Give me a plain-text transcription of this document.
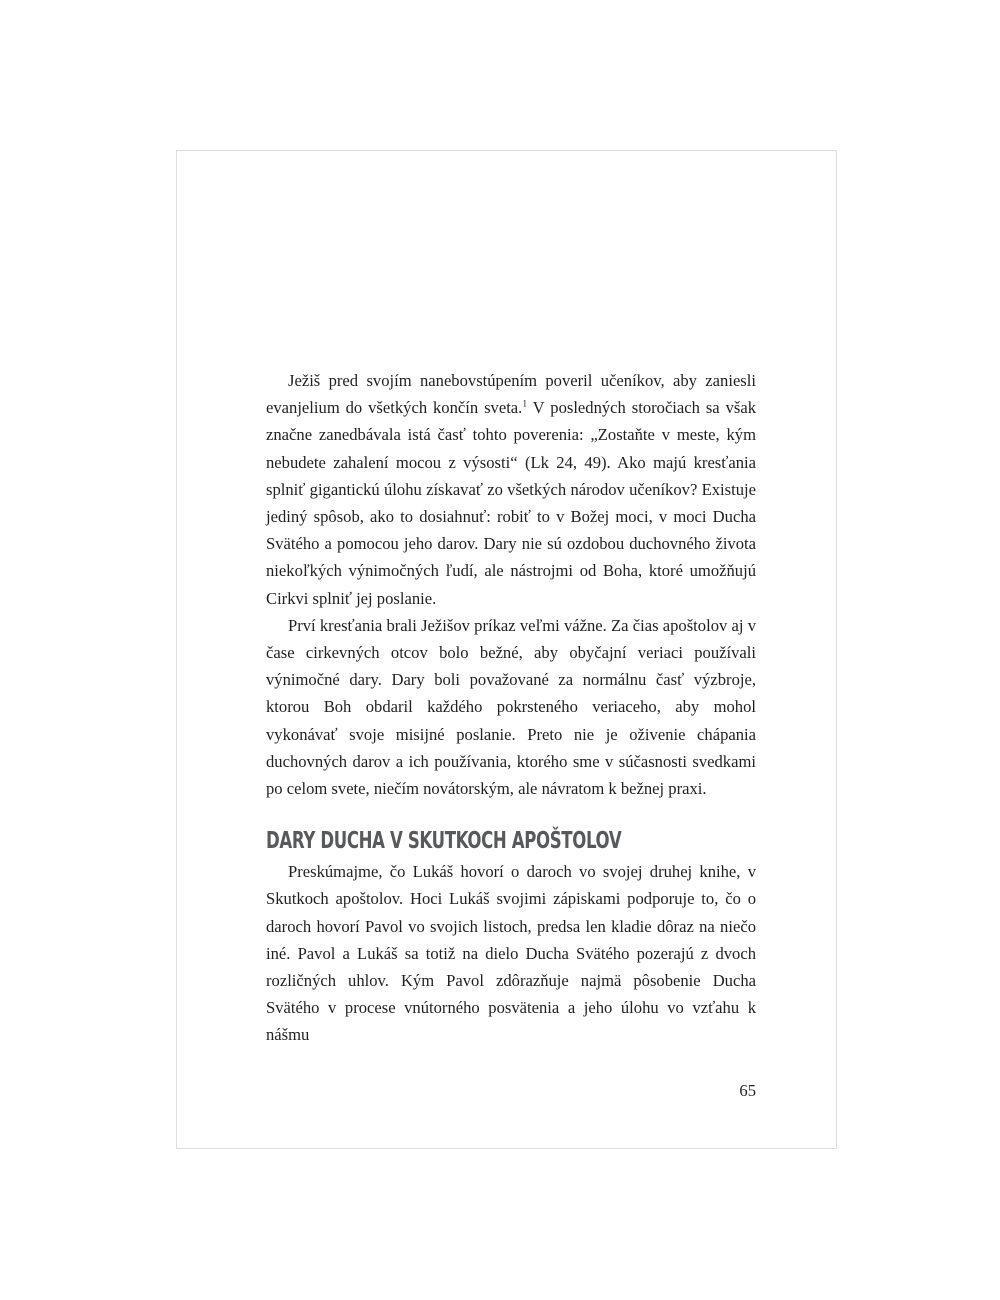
Ježiš pred svojím nanebovstúpením poveril učeníkov, aby zaniesli evanjelium do všetkých končín sveta.$^1$ V posledných storočiach sa však značne zanedbávala istá časť tohto poverenia: „Zostaňte v meste, kým nebudete zahalení mocou z výsosti“ (Lk 24, 49). Ako majú kresťania splniť gigantickú úlohu získavať zo všetkých národov učeníkov? Existuje jediný spôsob, ako to dosiahnuť: robiť to v Božej moci, v moci Ducha Svätého a pomocou jeho darov. Dary nie sú ozdobou duchovného života niekoľkých výnimočných ľudí, ale nástrojmi od Boha, ktoré umožňujú Cirkvi splniť jej poslanie.

Prví kresťania brali Ježišov príkaz veľmi vážne. Za čias apoštolov aj v čase cirkevných otcov bolo bežné, aby obyčajní veriaci používali výnimočné dary. Dary boli považované za normálnu časť výzbroje, ktorou Boh obdaril každého pokrsteného veriaceho, aby mohol vykonávať svoje misijné poslanie. Preto nie je oživenie chápania duchovných darov a ich používania, ktorého sme v súčasnosti svedkami po celom svete, niečím novátorským, ale návratom k bežnej praxi.

DARY DUCHA V SKUTKOCH APOŠTOLOV

Preskúmajme, čo Lukáš hovorí o daroch vo svojej druhej knihe, v Skutkoch apoštolov. Hoci Lukáš svojimi zápiskami podporuje to, čo o daroch hovorí Pavol vo svojich listoch, predsa len kladie dôraz na niečo iné. Pavol a Lukáš sa totiž na dielo Ducha Svätého pozerajú z dvoch rozličných uhlov. Kým Pavol zdôrazňuje najmä pôsobenie Ducha Svätého v procese vnútorného posvätenia a jeho úlohu vo vzťahu k nášmu

65
